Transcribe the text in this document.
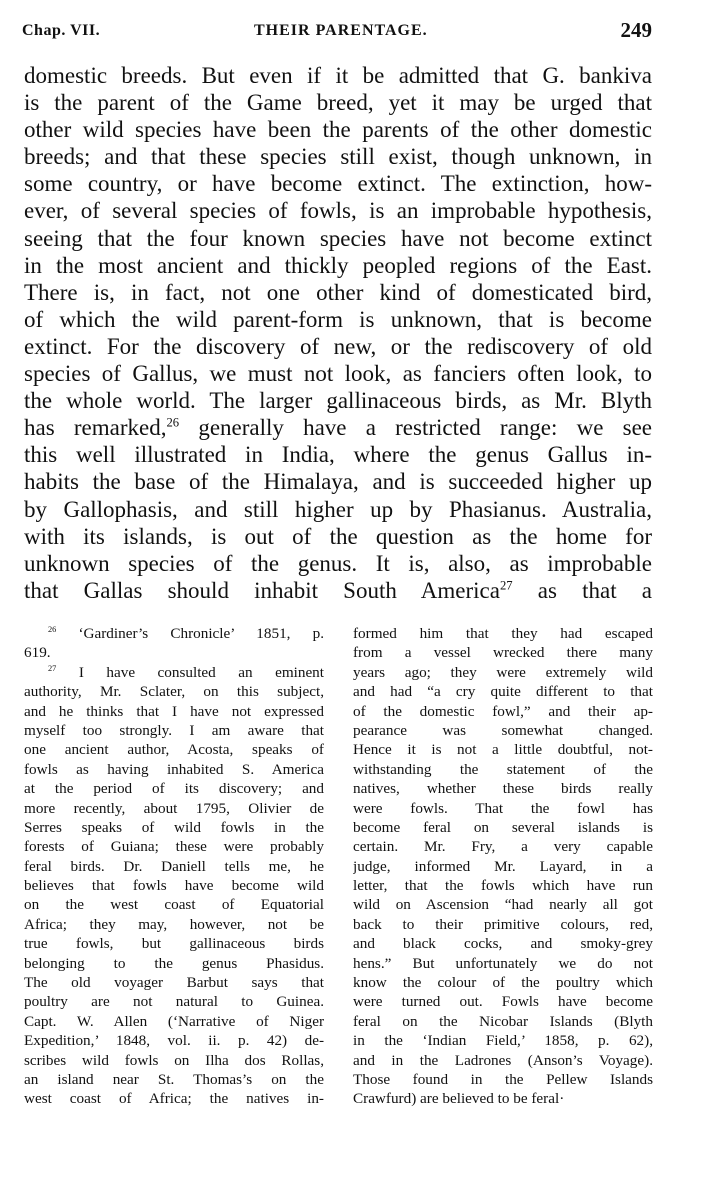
Chap. VII.	THEIR PARENTAGE.	249
domestic breeds. But even if it be admitted that G. bankiva
is the parent of the Game breed, yet it may be urged that
other wild species have been the parents of the other domestic
breeds; and that these species still exist, though unknown, in
some country, or have become extinct. The extinction, how-
ever, of several species of fowls, is an improbable hypothesis,
seeing that the four known species have not become extinct
in the most ancient and thickly peopled regions of the East.
There is, in fact, not one other kind of domesticated bird,
of which the wild parent-form is unknown, that is become
extinct. For the discovery of new, or the rediscovery of old
species of Gallus, we must not look, as fanciers often look, to
the whole world. The larger gallinaceous birds, as Mr. Blyth
has remarked,$^{26}$ generally have a restricted range: we see
this well illustrated in India, where the genus Gallus in-
habits the base of the Himalaya, and is succeeded higher up
by Gallophasis, and still higher up by Phasianus. Australia,
with its islands, is out of the question as the home for
unknown species of the genus. It is, also, as improbable
that Gallas should inhabit South America$^{27}$ as that a
$^{26}$ ‘Gardiner’s Chronicle’ 1851, p.
619.
$^{27}$ I have consulted an eminent
authority, Mr. Sclater, on this subject,
and he thinks that I have not expressed
myself too strongly. I am aware that
one ancient author, Acosta, speaks of
fowls as having inhabited S. America
at the period of its discovery; and
more recently, about 1795, Olivier de
Serres speaks of wild fowls in the
forests of Guiana; these were probably
feral birds. Dr. Daniell tells me, he
believes that fowls have become wild
on the west coast of Equatorial
Africa; they may, however, not be
true fowls, but gallinaceous birds
belonging to the genus Phasidus.
The old voyager Barbut says that
poultry are not natural to Guinea.
Capt. W. Allen (‘Narrative of Niger
Expedition,’ 1848, vol. ii. p. 42) de-
scribes wild fowls on Ilha dos Rollas,
an island near St. Thomas’s on the
west coast of Africa; the natives in-
formed him that they had escaped
from a vessel wrecked there many
years ago; they were extremely wild
and had “a cry quite different to that
of the domestic fowl,” and their ap-
pearance was somewhat changed.
Hence it is not a little doubtful, not-
withstanding the statement of the
natives, whether these birds really
were fowls. That the fowl has
become feral on several islands is
certain. Mr. Fry, a very capable
judge, informed Mr. Layard, in a
letter, that the fowls which have run
wild on Ascension “had nearly all got
back to their primitive colours, red,
and black cocks, and smoky-grey
hens.” But unfortunately we do not
know the colour of the poultry which
were turned out. Fowls have become
feral on the Nicobar Islands (Blyth
in the ‘Indian Field,’ 1858, p. 62),
and in the Ladrones (Anson’s Voyage).
Those found in the Pellew Islands
Crawfurd) are believed to be feral·
